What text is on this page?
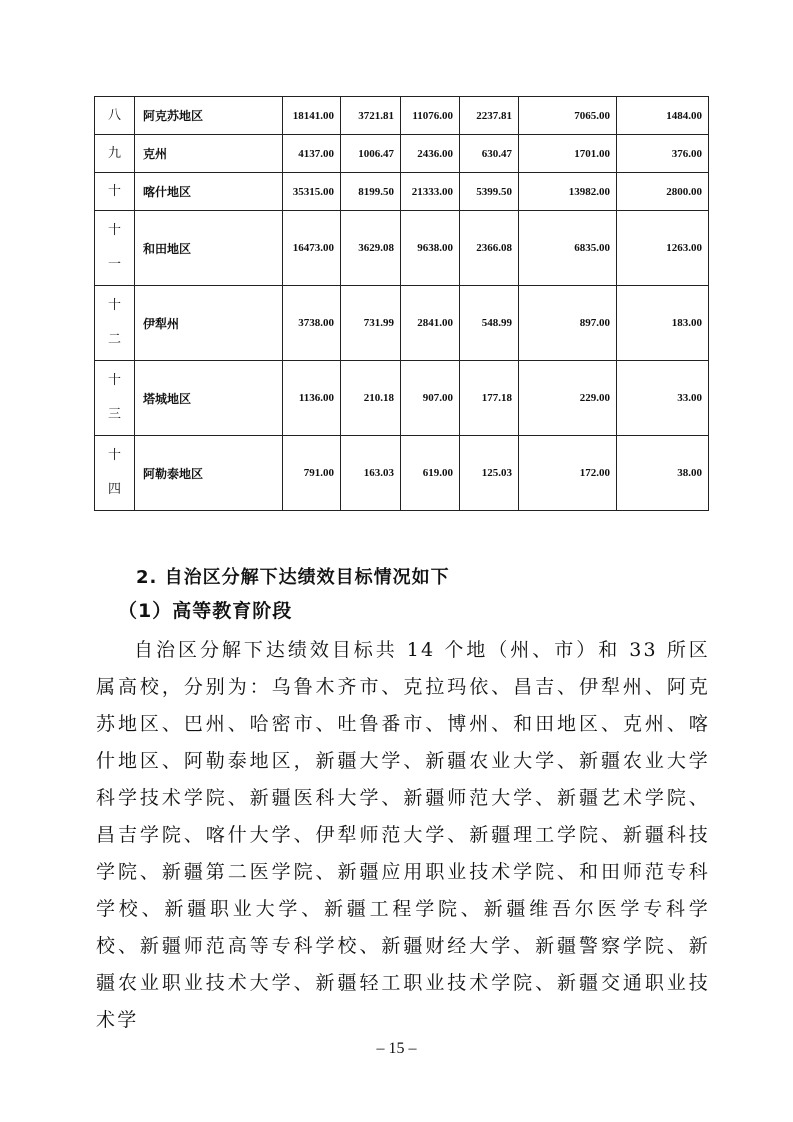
八	阿克苏地区	18141.00	3721.81	11076.00	2237.81	7065.00	1484.00

九	克州	4137.00	1006.47	2436.00	630.47	1701.00	376.00

十	喀什地区	35315.00	8199.50	21333.00	5399.50	13982.00	2800.00

十
一	和田地区	16473.00	3629.08	9638.00	2366.08	6835.00	1263.00

十
二	伊犁州	3738.00	731.99	2841.00	548.99	897.00	183.00

十
三	塔城地区	1136.00	210.18	907.00	177.18	229.00	33.00

十
四	阿勒泰地区	791.00	163.03	619.00	125.03	172.00	38.00
2. 自治区分解下达绩效目标情况如下
（1）高等教育阶段
自治区分解下达绩效目标共 14 个地（州、市）和 33 所区属高校，分别为：乌鲁木齐市、克拉玛依、昌吉、伊犁州、阿克苏地区、巴州、哈密市、吐鲁番市、博州、和田地区、克州、喀什地区、阿勒泰地区，新疆大学、新疆农业大学、新疆农业大学科学技术学院、新疆医科大学、新疆师范大学、新疆艺术学院、昌吉学院、喀什大学、伊犁师范大学、新疆理工学院、新疆科技学院、新疆第二医学院、新疆应用职业技术学院、和田师范专科学校、新疆职业大学、新疆工程学院、新疆维吾尔医学专科学校、新疆师范高等专科学校、新疆财经大学、新疆警察学院、新疆农业职业技术大学、新疆轻工职业技术学院、新疆交通职业技术学
– 15 –
